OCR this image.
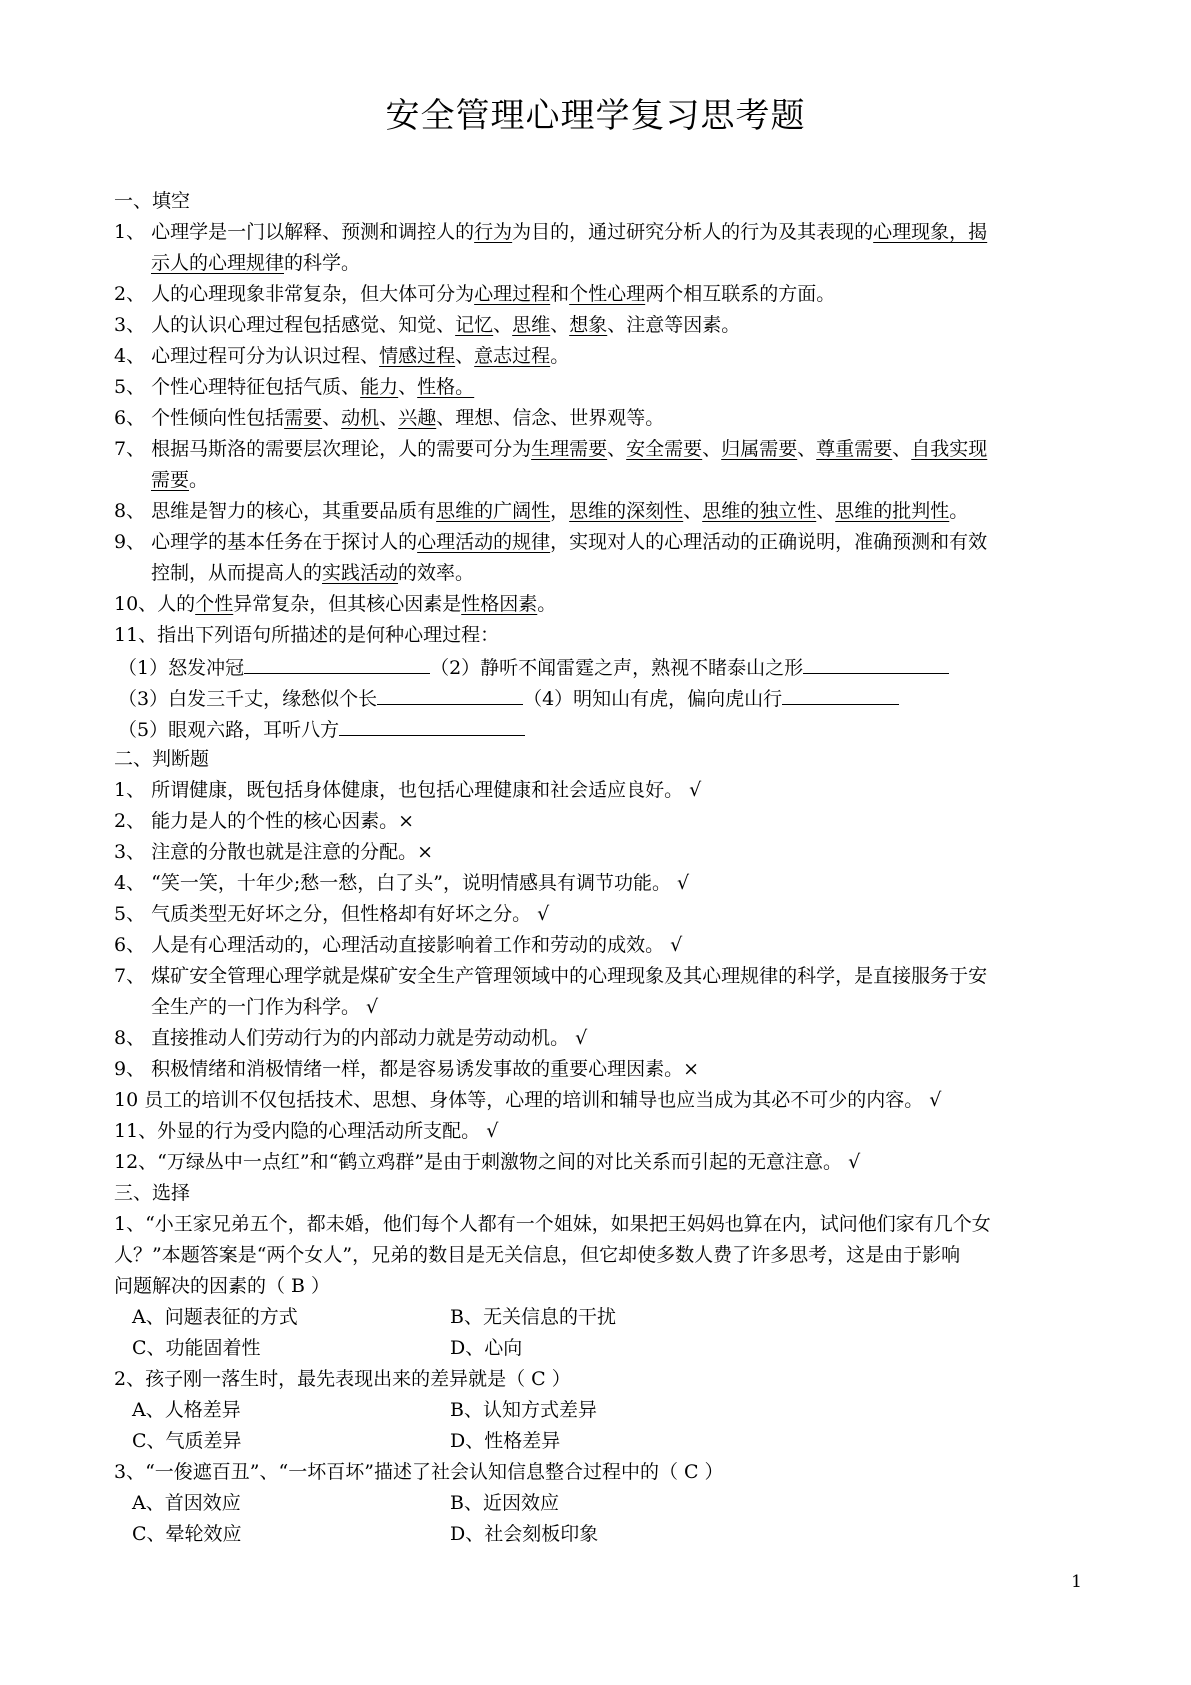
安全管理心理学复习思考题
一、填空
1、 心理学是一门以解释、预测和调控人的行为为目的，通过研究分析人的行为及其表现的心理现象，揭
示人的心理规律的科学。
2、 人的心理现象非常复杂，但大体可分为心理过程和个性心理两个相互联系的方面。
3、 人的认识心理过程包括感觉、知觉、记忆、思维、想象、注意等因素。
4、 心理过程可分为认识过程、情感过程、意志过程。
5、 个性心理特征包括气质、能力、性格。
6、 个性倾向性包括需要、动机、兴趣、理想、信念、世界观等。
7、 根据马斯洛的需要层次理论，人的需要可分为生理需要、安全需要、归属需要、尊重需要、自我实现
需要。
8、 思维是智力的核心，其重要品质有思维的广阔性，思维的深刻性、思维的独立性、思维的批判性。
9、 心理学的基本任务在于探讨人的心理活动的规律，实现对人的心理活动的正确说明，准确预测和有效
控制，从而提高人的实践活动的效率。
10、人的个性异常复杂，但其核心因素是性格因素。
11、指出下列语句所描述的是何种心理过程：
（1）怒发冲冠	（2）静听不闻雷霆之声，熟视不睹泰山之形
（3）白发三千丈，缘愁似个长	（4）明知山有虎，偏向虎山行
（5）眼观六路，耳听八方
二、判断题
1、 所谓健康，既包括身体健康，也包括心理健康和社会适应良好。 √
2、 能力是人的个性的核心因素。×
3、 注意的分散也就是注意的分配。×
4、 “笑一笑，十年少;愁一愁，白了头”，说明情感具有调节功能。 √
5、 气质类型无好坏之分，但性格却有好坏之分。 √
6、 人是有心理活动的，心理活动直接影响着工作和劳动的成效。 √
7、 煤矿安全管理心理学就是煤矿安全生产管理领域中的心理现象及其心理规律的科学，是直接服务于安
全生产的一门作为科学。 √
8、 直接推动人们劳动行为的内部动力就是劳动动机。 √
9、 积极情绪和消极情绪一样，都是容易诱发事故的重要心理因素。×
10 员工的培训不仅包括技术、思想、身体等，心理的培训和辅导也应当成为其必不可少的内容。 √
11、外显的行为受内隐的心理活动所支配。 √
12、“万绿丛中一点红”和“鹤立鸡群”是由于刺激物之间的对比关系而引起的无意注意。 √
三、选择
1、“小王家兄弟五个，都未婚，他们每个人都有一个姐妹，如果把王妈妈也算在内，试问他们家有几个女
人？”本题答案是“两个女人”，兄弟的数目是无关信息，但它却使多数人费了许多思考，这是由于影响
问题解决的因素的（ B ）
A、问题表征的方式	B、无关信息的干扰
C、功能固着性	D、心向
2、孩子刚一落生时，最先表现出来的差异就是（ C ）
A、人格差异	B、认知方式差异
C、气质差异	D、性格差异
3、“一俊遮百丑”、“一坏百坏”描述了社会认知信息整合过程中的（ C ）
A、首因效应	B、近因效应
C、晕轮效应	D、社会刻板印象
1
